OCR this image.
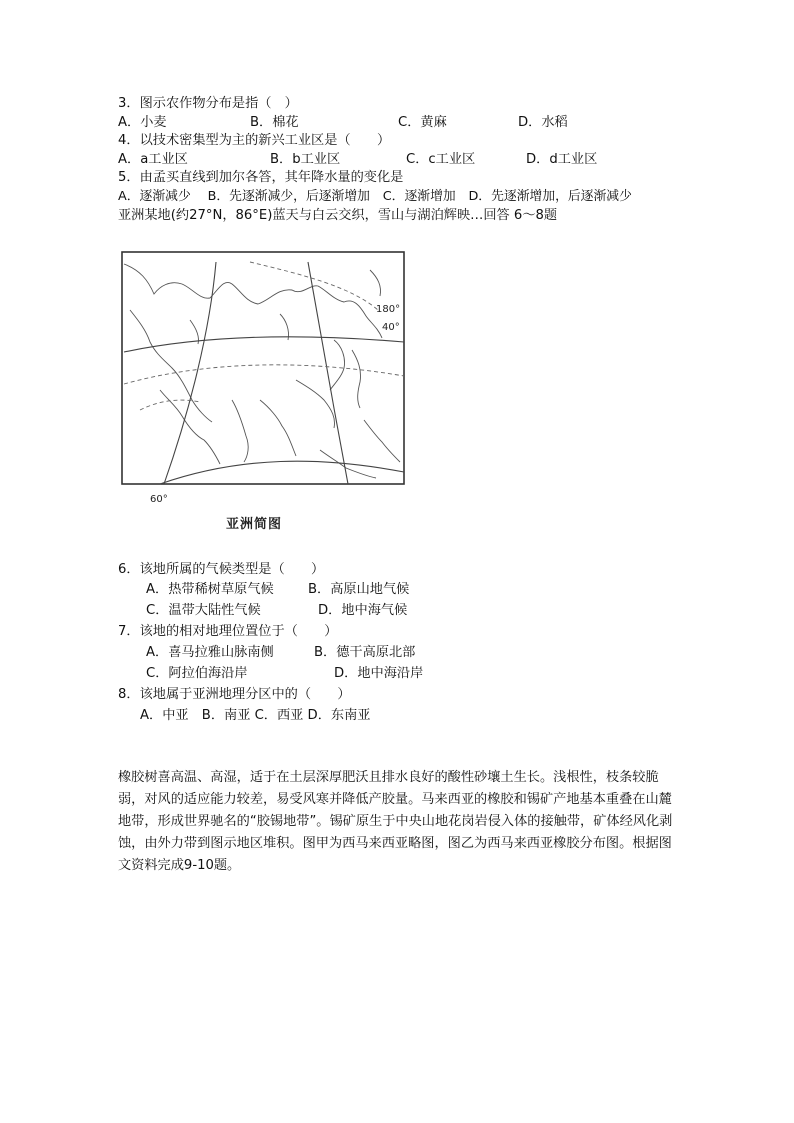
3．图示农作物分布是指（　）
A．小麦	B．棉花	C．黄麻	D．水稻
4．以技术密集型为主的新兴工业区是（　　）
A．a工业区	B．b工业区	C．c工业区	D．d工业区
5．由孟买直线到加尔各答，其年降水量的变化是
A．逐渐减少　 B．先逐渐减少，后逐渐增加　C．逐渐增加　D．先逐渐增加，后逐渐减少
亚洲某地(约27°N，86°E)蓝天与白云交织，雪山与湖泊辉映…回答 6～8题
180°
40°
60°
亚洲简图
6．该地所属的气候类型是（　　）
A．热带稀树草原气候	B．高原山地气候
C．温带大陆性气候	D．地中海气候
7．该地的相对地理位置位于（　　）
A．喜马拉雅山脉南侧	B．德干高原北部
C．阿拉伯海沿岸	D．地中海沿岸
8．该地属于亚洲地理分区中的（　　）
A．中亚　B．南亚 C．西亚 D．东南亚
橡胶树喜高温、高湿，适于在土层深厚肥沃且排水良好的酸性砂壤土生长。浅根性，枝条较脆弱，对风的适应能力较差，易受风寒并降低产胶量。马来西亚的橡胶和锡矿产地基本重叠在山麓地带，形成世界驰名的“胶锡地带”。锡矿原生于中央山地花岗岩侵入体的接触带，矿体经风化剥蚀，由外力带到图示地区堆积。图甲为西马来西亚略图，图乙为西马来西亚橡胶分布图。根据图文资料完成9-10题。
